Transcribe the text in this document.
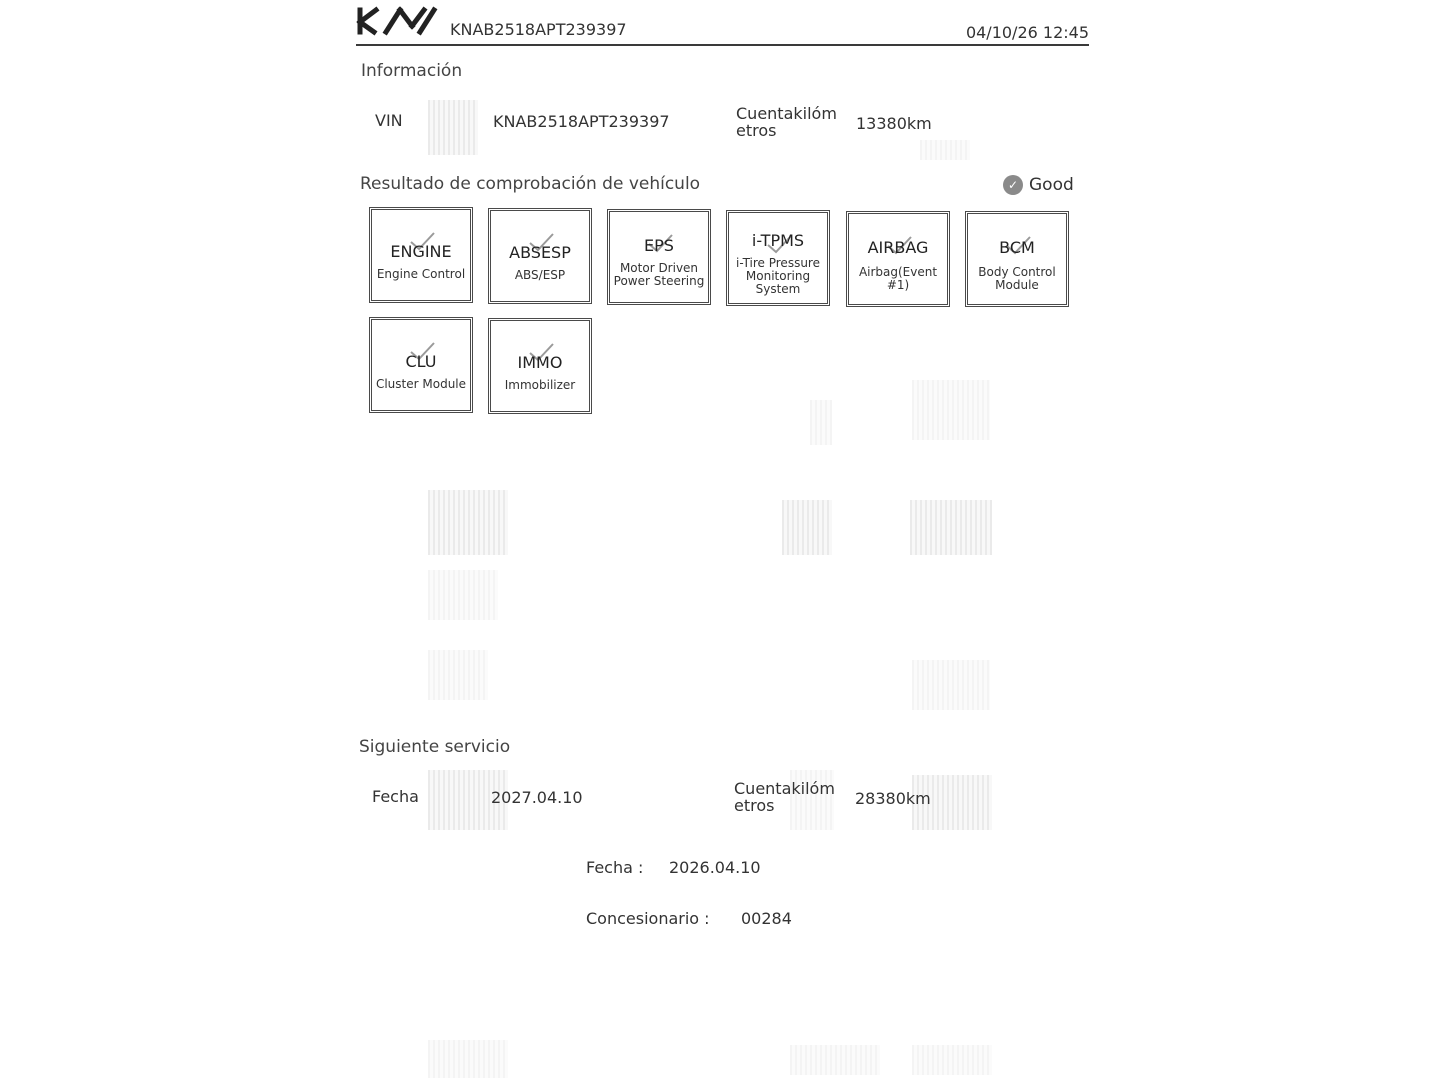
KNAB2518APT239397	04/10/26 12:45
Información
VIN	KNAB2518APT239397	Cuentakilóm etros	13380km
Resultado de comprobación de vehículo	✓ Good
ENGINE
Engine Control
ABSESP
ABS/ESP
EPS
Motor Driven Power Steering
i-TPMS
i-Tire Pressure Monitoring System
AIRBAG
Airbag(Event #1)
BCM
Body Control Module
CLU
Cluster Module
IMMO
Immobilizer
Siguiente servicio
Fecha	2027.04.10	Cuentakilóm etros	28380km
Fecha : 2026.04.10
Concesionario : 00284
